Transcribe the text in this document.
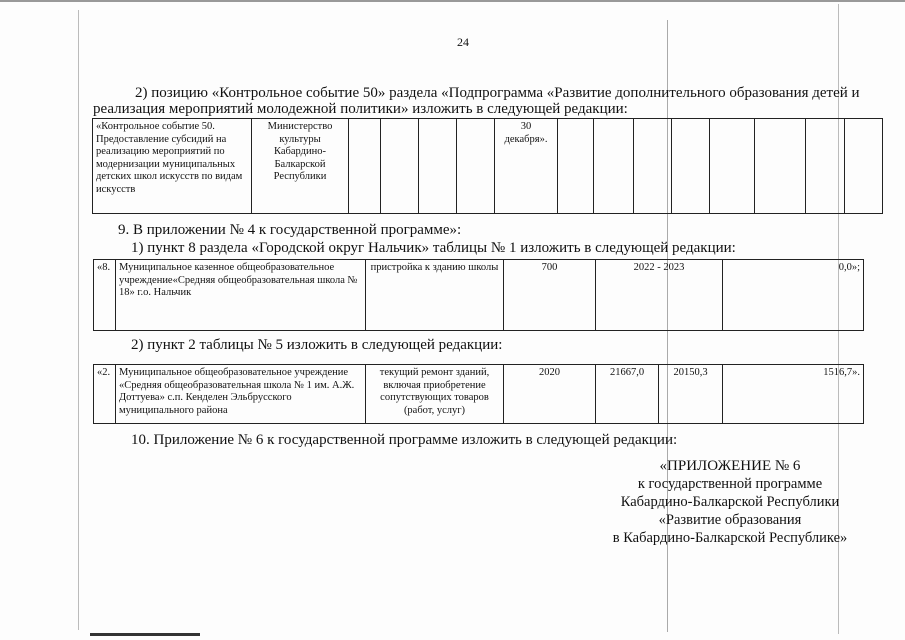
24
2) позицию «Контрольное событие 50» раздела «Подпрограмма «Развитие дополнительного образования детей и
реализация мероприятий молодежной политики» изложить в следующей редакции:
«Контрольное событие 50. Предоставление субсидий на реализацию мероприятий по модернизации муниципальных детских школ искусств по видам искусств	Министерство культуры Кабардино-Балкарской Республики					30 декабря».								
9. В приложении № 4 к государственной программе»:
1) пункт 8 раздела «Городской округ Нальчик» таблицы № 1 изложить в следующей редакции:
«8.	Муниципальное казенное общеобразовательное учреждение«Средняя общеобразовательная школа № 18» г.о. Нальчик	пристройка к зданию школы	700	2022 - 2023	0,0»;
2) пункт 2 таблицы № 5 изложить в следующей редакции:
«2.	Муниципальное общеобразовательное учреждение «Средняя общеобразовательная школа № 1 им. А.Ж. Доттуева» с.п. Кенделен Эльбрусского муниципального района	текущий ремонт зданий, включая приобретение сопутствующих товаров (работ, услуг)	2020	21667,0	20150,3	1516,7».
10. Приложение № 6 к государственной программе изложить в следующей редакции:
«ПРИЛОЖЕНИЕ № 6
к государственной программе
Кабардино-Балкарской Республики
«Развитие образования
в Кабардино-Балкарской Республике»
